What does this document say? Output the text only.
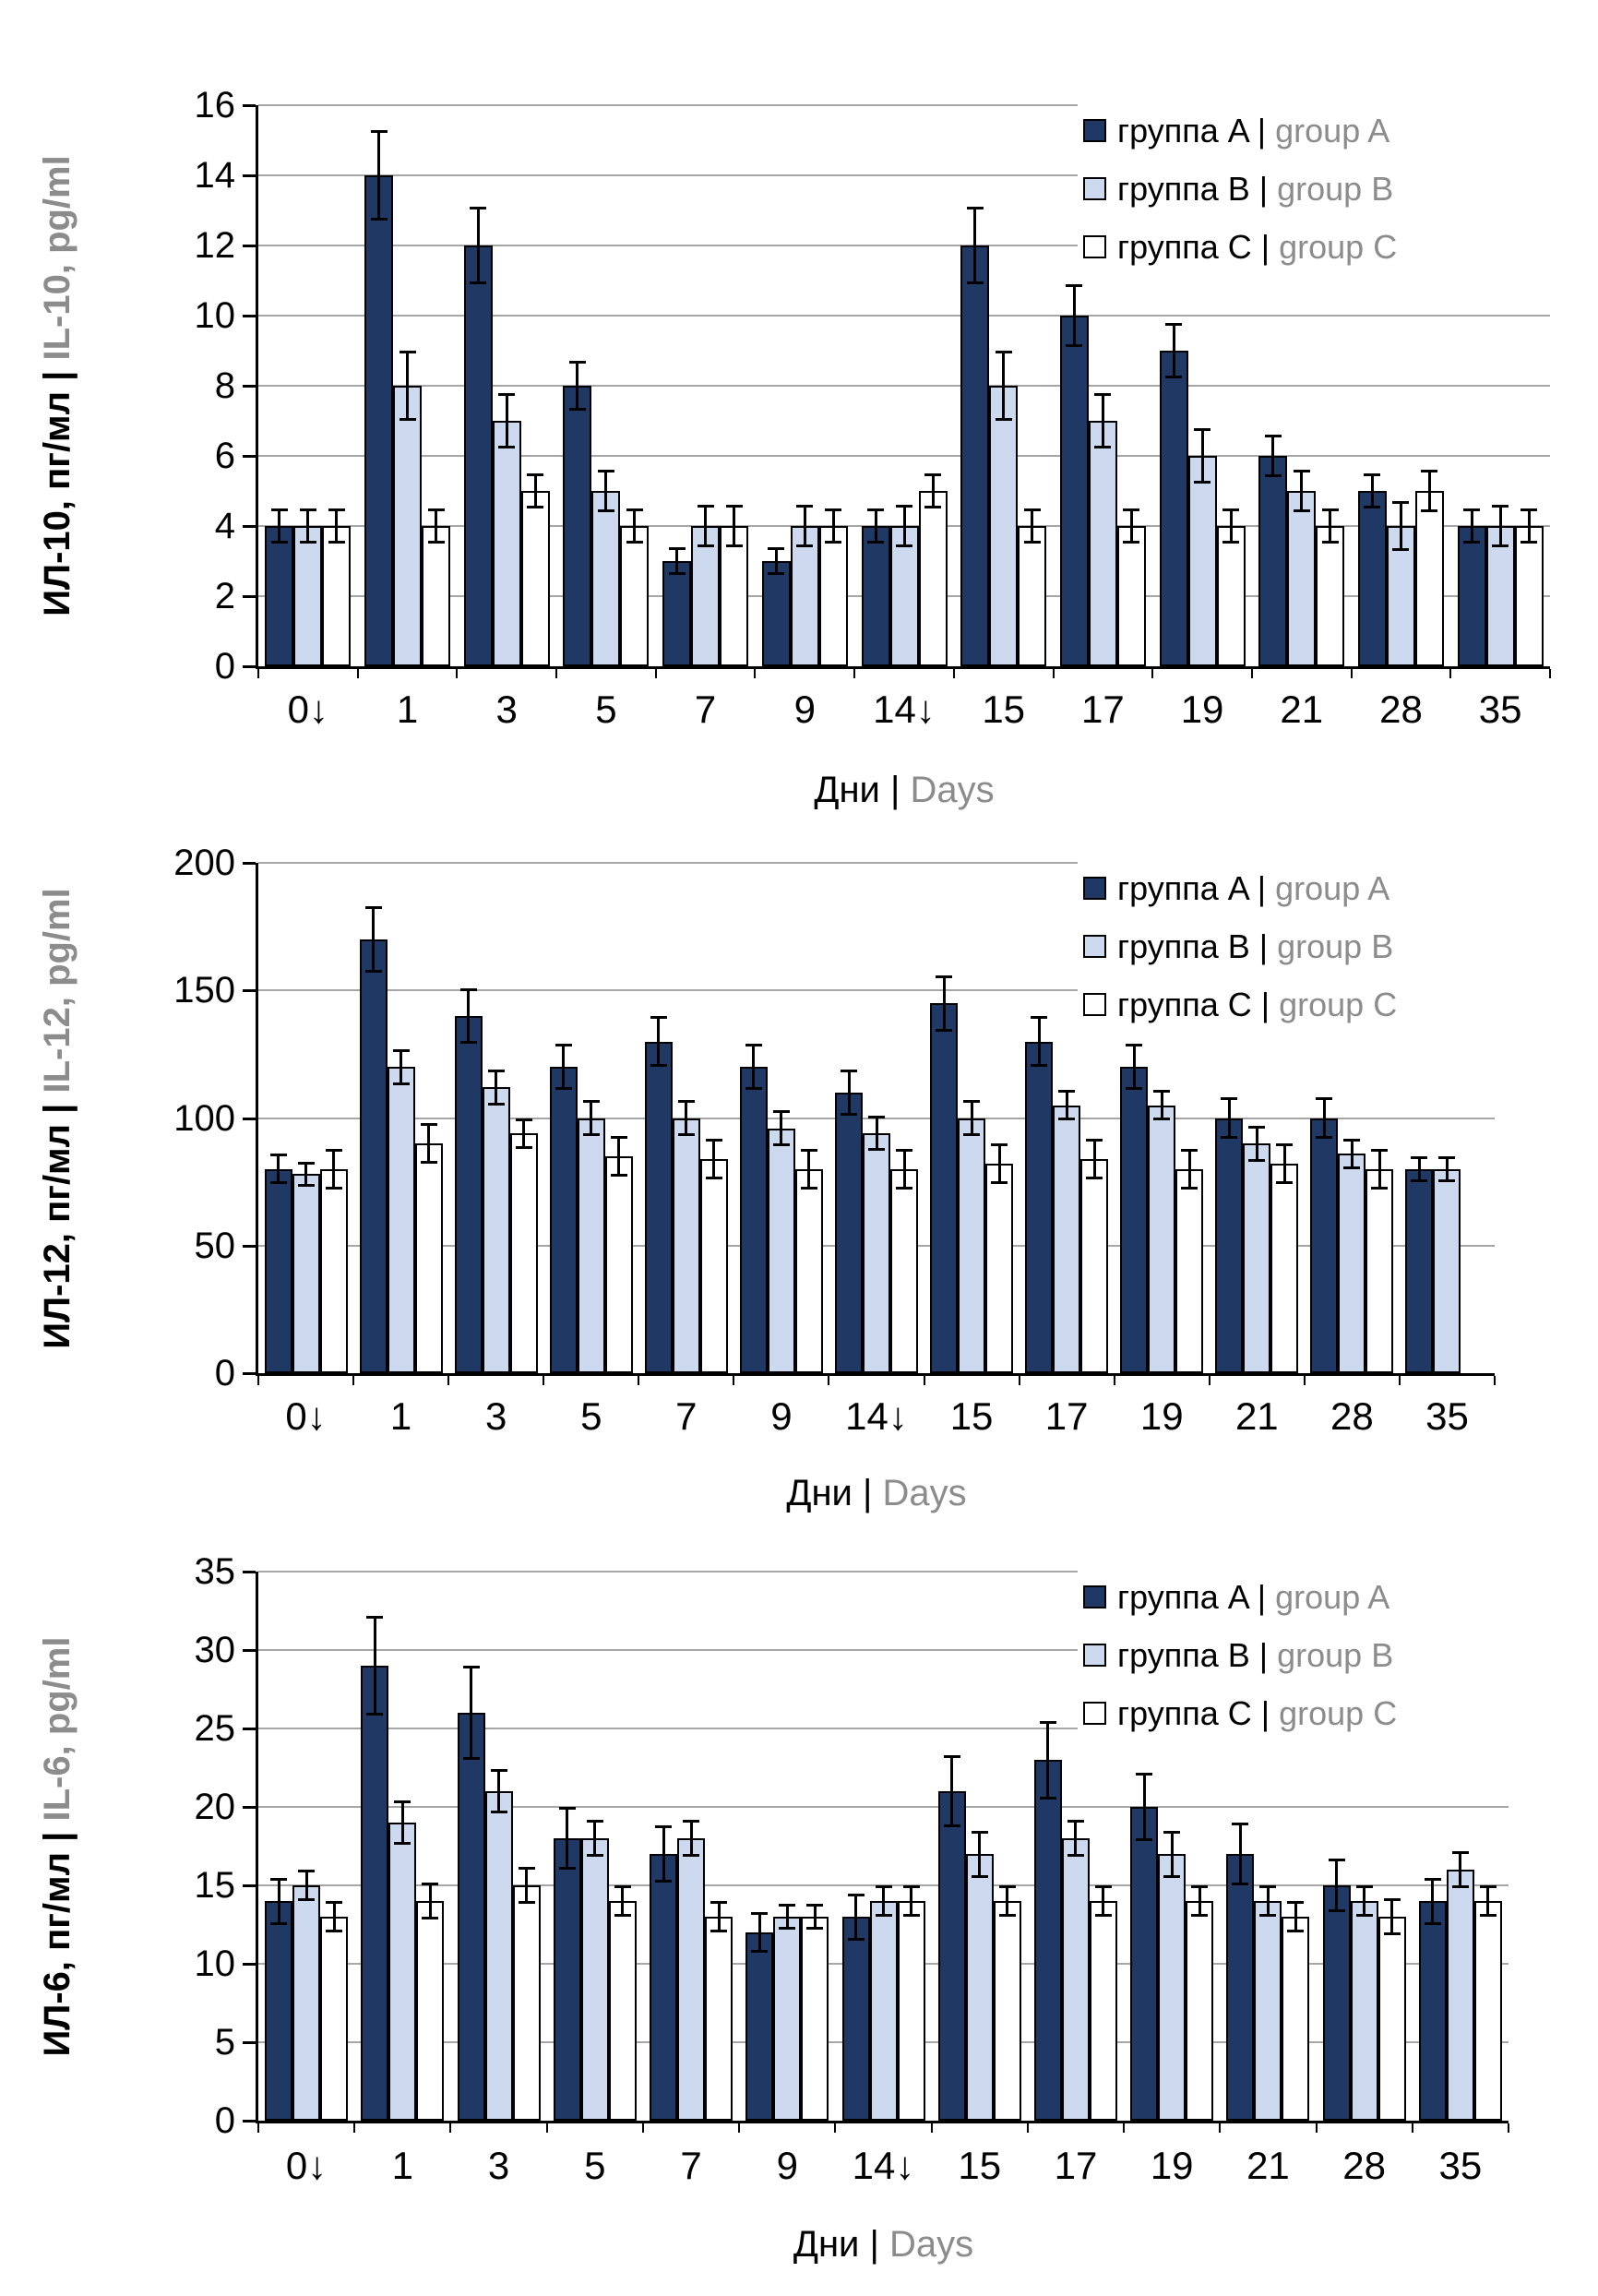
0
2
4
6
8
10
12
14
16
0↓	1	3	5	7	9	14↓	15	17	19	21	28	35
Дни | Days
ИЛ-10, пг/мл | IL-10, pg/ml
группа A | group A
группа B | group B
группа C | group C
0
50
100
150
200
0↓	1	3	5	7	9	14↓	15	17	19	21	28	35
Дни | Days
ИЛ-12, пг/мл | IL-12, pg/ml	группа A | group A
группа B | group B
группа C | group C
0
5
10
15
20
25
30
35
0↓	1	3	5	7	9	14↓	15	17	19	21	28	35
Дни | Days
ИЛ-6, пг/мл | IL-6, pg/ml
группа A | group A
группа B | group B
группа C | group C
